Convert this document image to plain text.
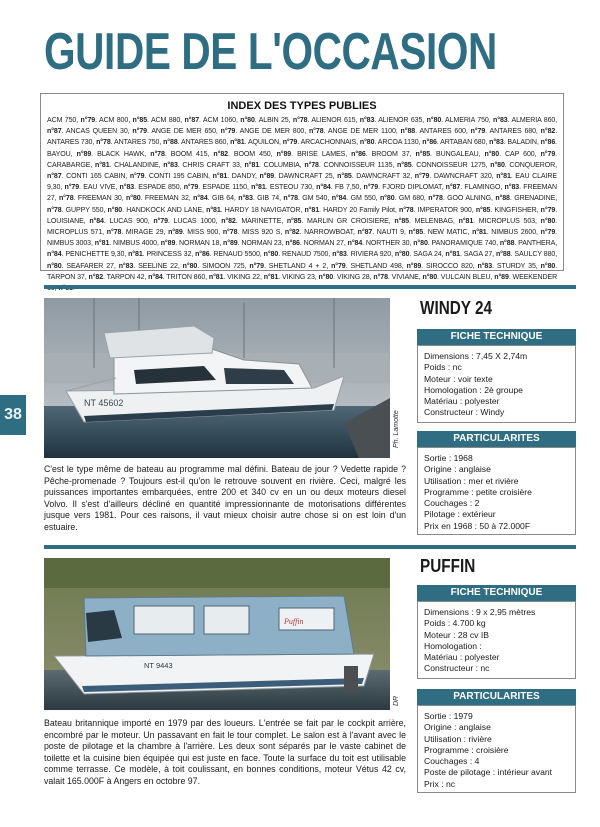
GUIDE DE L'OCCASION
INDEX DES TYPES PUBLIES
ACM 750, n°79. ACM 800, n°85. ACM 880, n°87. ACM 1060, n°80. ALBIN 25, n°78. ALIENOR 615, n°83. ALIENOR 635, n°80. ALMERIA 750, n°83. ALMERIA 860, n°87. ANCAS QUEEN 30, n°79. ANGE DE MER 650, n°79. ANGE DE MER 800, n°78. ANGE DE MER 1100, n°88. ANTARES 600, n°79. ANTARES 680, n°82. ANTARES 730, n°78. ANTARES 750, n°88. ANTARES 860, n°81. AQUILON, n°79. ARCACHONNAIS, n°80. ARCOA 1130, n°86. ARTABAN 680, n°83. BALADIN, n°86. BAYOU, n°89. BLACK HAWK, n°78. BOOM 415, n°82. BOOM 450, n°89. BRISE LAMES, n°86. BROOM 37, n°85. BUNGALEAU, n°80. CAP 600, n°79. CARABARGE, n°81. CHALANDINE, n°83. CHRIS CRAFT 33, n°81. COLUMBIA, n°78. CONNOISSEUR 1135, n°85. CONNOISSEUR 1275, n°80. CONQUEROR, n°87. CONTI 165 CABIN, n°79. CONTI 195 CABIN, n°81. DANDY, n°89. DAWNCRAFT 25, n°85. DAWNCRAFT 32, n°79. DAWNCRAFT 320, n°81. EAU CLAIRE 9,30, n°79. EAU VIVE, n°83. ESPADE 850, n°79. ESPADE 1150, n°81. ESTEOU 730, n°84. FB 7,50, n°79. FJORD DIPLOMAT, n°87. FLAMINGO, n°83. FREEMAN 27, n°78. FREEMAN 30, n°80. FREEMAN 32, n°84. GIB 64, n°83. GIB 74, n°78. GM 540, n°84. GM 550, n°80. GM 680, n°78. GOO ALNING, n°88. GRENADINE, n°78. GUPPY 550, n°80. HANDKOCK AND LANE, n°81. HARDY 18 NAVIGATOR, n°81. HARDY 20 Family Pilot, n°78. IMPERATOR 900, n°85. KINGFISHER, n°79. LOUISIANE, n°84. LUCAS 900, n°79. LUCAS 1000, n°82. MARINETTE, n°85. MARLIN GR CROISIERE, n°85. MELENBAG, n°81. MICROPLUS 503, n°80. MICROPLUS 571, n°78. MIRAGE 29, n°89. MISS 900, n°78. MISS 920 S, n°82. NARROWBOAT, n°87. NAUTI 9, n°85. NEW MATIC, n°81. NIMBUS 2600, n°79. NIMBUS 3003, n°81. NIMBUS 4000, n°89. NORMAN 18, n°89. NORMAN 23, n°86. NORMAN 27, n°84. NORTHER 30, n°80. PANORAMIQUE 740, n°88. PANTHERA, n°84. PENICHETTE 9,30, n°81. PRINCESS 32, n°86. RENAUD 5500, n°80. RENAUD 7500, n°83. RIVIERA 920, n°80. SAGA 24, n°81. SAGA 27, n°88. SAULCY 880, n°80. SEAFARER 27, n°83. SEELINE 22, n°80. SIMOON 725, n°79. SHETLAND 4 + 2, n°79. SHETLAND 498, n°89. SIROCCO 820, n°83. STURDY 35, n°80. TARPON 37, n°82. TARPON 42, n°84. TRITON 860, n°81. VIKING 22, n°81. VIKING 23, n°80. VIKING 28, n°78. VIVIANE, n°80. VULCAIN BLEU, n°89. WEEKENDER
38
NT 45602
Ph. Lamotte
WINDY 24
FICHE TECHNIQUE
Dimensions : 7,45 X 2,74m
Poids : nc
Moteur : voir texte
Homologation : 2è groupe
Matériau : polyester
Constructeur : Windy
PARTICULARITES
Sortie : 1968
Origine : anglaise
Utilisation : mer et rivière
Programme : petite croisière
Couchages : 2
Pilotage : extérieur
Prix en 1968 : 50 à 72.000F
C'est le type même de bateau au programme mal défini. Bateau de jour ? Vedette rapide ? Pêche-promenade ? Toujours est-il qu'on le retrouve souvent en rivière. Ceci, malgré les puissances importantes embarquées, entre 200 et 340 cv en un ou deux moteurs diesel Volvo. Il s'est d'ailleurs décliné en quantité impressionnante de motorisations différentes jusque vers 1981. Pour ces raisons, il vaut mieux choisir autre chose si on est loin d'un estuaire.
Puffin
NT 9443
DR
PUFFIN
FICHE TECHNIQUE
Dimensions : 9 x 2,95 mètres
Poids : 4.700 kg
Moteur : 28 cv IB
Homologation :
Matériau : polyester
Constructeur : nc
PARTICULARITES
Sortie : 1979
Origine : anglaise
Utilisation : rivière
Programme : croisière
Couchages : 4
Poste de pilotage : intérieur avant
Prix : nc
Bateau britannique importé en 1979 par des loueurs. L'entrée se fait par le cockpit arrière, encombré par le moteur. Un passavant en fait le tour complet. Le salon est à l'avant avec le poste de pilotage et la chambre à l'arrière. Les deux sont séparés par le vaste cabinet de toilette et la cuisine bien équipée qui est juste en face. Toute la surface du toit est utilisable comme terrasse. Ce modèle, à toit coulissant, en bonnes conditions, moteur Vétus 42 cv, valait 165.000F à Angers en octobre 97.
